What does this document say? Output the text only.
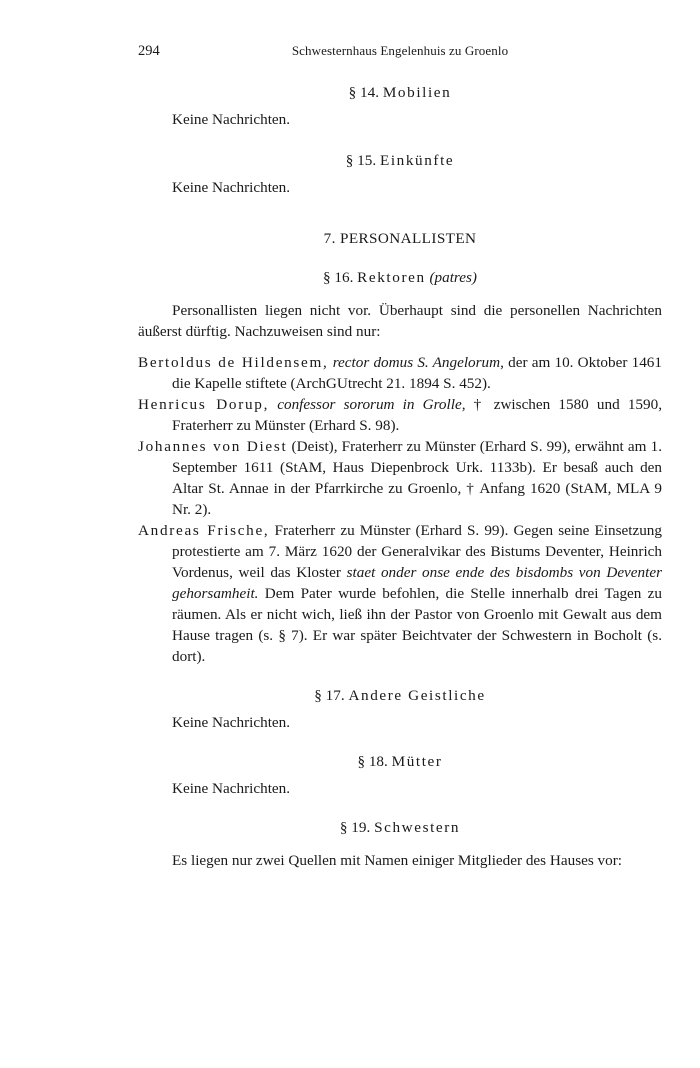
294	Schwesternhaus Engelenhuis zu Groenlo

§ 14. Mobilien

Keine Nachrichten.

§ 15. Einkünfte

Keine Nachrichten.

7. PERSONALLISTEN

§ 16. Rektoren (patres)

Personallisten liegen nicht vor. Überhaupt sind die personellen Nachrichten äußerst dürftig. Nachzuweisen sind nur:

Bertoldus de Hildensem, rector domus S. Angelorum, der am 10. Oktober 1461 die Kapelle stiftete (ArchGUtrecht 21. 1894 S. 452).

Henricus Dorup, confessor sororum in Grolle, † zwischen 1580 und 1590, Fraterherr zu Münster (Erhard S. 98).

Johannes von Diest (Deist), Fraterherr zu Münster (Erhard S. 99), erwähnt am 1. September 1611 (StAM, Haus Diepenbrock Urk. 1133b). Er besaß auch den Altar St. Annae in der Pfarrkirche zu Groenlo, † Anfang 1620 (StAM, MLA 9 Nr. 2).

Andreas Frische, Fraterherr zu Münster (Erhard S. 99). Gegen seine Einsetzung protestierte am 7. März 1620 der Generalvikar des Bistums Deventer, Heinrich Vordenus, weil das Kloster staet onder onse ende des bisdombs von Deventer gehorsamheit. Dem Pater wurde befohlen, die Stelle innerhalb drei Tagen zu räumen. Als er nicht wich, ließ ihn der Pastor von Groenlo mit Gewalt aus dem Hause tragen (s. § 7). Er war später Beichtvater der Schwestern in Bocholt (s. dort).

§ 17. Andere Geistliche

Keine Nachrichten.

§ 18. Mütter

Keine Nachrichten.

§ 19. Schwestern

Es liegen nur zwei Quellen mit Namen einiger Mitglieder des Hauses vor:
